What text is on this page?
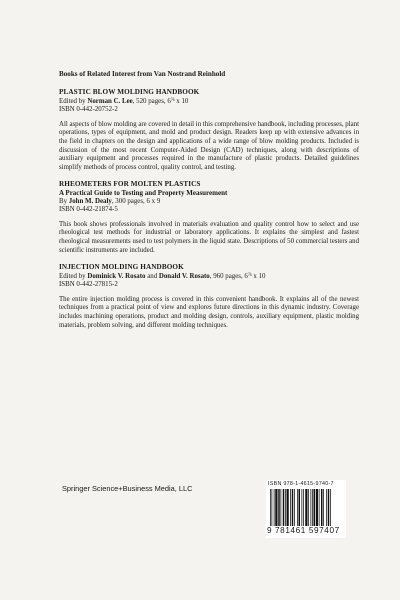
Books of Related Interest from Van Nostrand Reinhold
PLASTIC BLOW MOLDING HANDBOOK
Edited by Norman C. Lee, 520 pages, $6^{\frac{7}{8}}$ x 10
ISBN 0-442-20752-2

All aspects of blow molding are covered in detail in this comprehensive handbook, including processes, plant operations, types of equipment, and mold and product design. Readers keep up with extensive advances in the field in chapters on the design and applications of a wide range of blow molding products. Included is discussion of the most recent Computer-Aided Design (CAD) techniques, along with descriptions of auxiliary equipment and processes required in the manufacture of plastic products. Detailed guidelines simplify methods of process control, quality control, and testing.

RHEOMETERS FOR MOLTEN PLASTICS
A Practical Guide to Testing and Property Measurement
By John M. Dealy, 300 pages, 6 x 9
ISBN 0-442-21874-5

This book shows professionals involved in materials evaluation and quality control how to select and use rheological test methods for industrial or laboratory applications. It explains the simplest and fastest rheological measurements used to test polymers in the liquid state. Descriptions of 50 commercial testers and scientific instruments are included.

INJECTION MOLDING HANDBOOK
Edited by Dominick V. Rosato and Donald V. Rosato, 960 pages, $6^{\frac{7}{8}}$ x 10
ISBN 0-442-27815-2

The entire injection molding process is covered in this convenient handbook. It explains all of the newest techniques from a practical point of view and explores future directions in this dynamic industry. Coverage includes machining operations, product and molding design, controls, auxiliary equipment, plastic molding materials, problem solving, and different molding techniques.

Springer Science+Business Media, LLC	ISBN 978-1-4615-9740-7
9 781461 597407
